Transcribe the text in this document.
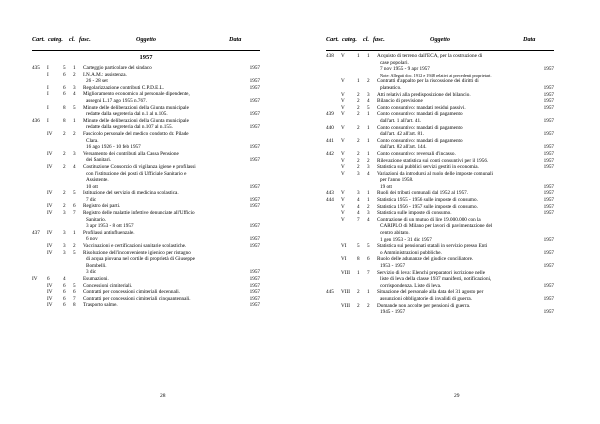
Cart. categ. cl. fasc.	Oggetto	Data
1957
435	I	5	1	Carteggio particolare del sindaco	1957
I	6	2	I.N.A.M.: assistenza.
26 - 28 set	1957
I	6	3	Regolarizzazione contributi C.P.D.E.L.	1957
I	6	4	Miglioramento economico al personale dipendente,
assegni L.17 ago 1955 n.767.	1957
I	8	5	Minute delle deliberazioni della Giunta municipale
redatte dalla segreteria dal n.1 al n.105.	1957
436	I	8	1	Minute delle deliberazioni della Giunta municipale
redatte dalla segreteria dal n.107 al n.155.	1957
IV	2	2	Fascicolo personale del medico condotto dr. Pilade
Clara.
16 ago 1926 - 10 feb 1957	1957
IV	2	3	Versamento dei contributi alla Cassa Pensione
dei Sanitari.	1957
IV	2	4	Costituzione Consorzio di vigilanza igiene e profilassi
con l'istituzione dei posti di Ufficiale Sanitario e
Assistente.
10 ott	1957
IV	2	5	Istituzione del servizio di medicina scolastica.
7 dic	1957
IV	2	6	Registro dei parti.	1957
IV	3	7	Registro delle malattie infettive denunciate all'Ufficio
Sanitario.
3 apr 1953 - 8 ott 1957	1957
437	IV	3	1	Profilassi antinfluenzale.
6 nov	1957
IV	3	2	Vaccinazioni e certificazioni sanitarie scolastiche.	1957
IV	3	5	Risoluzione dell'inconveniente igienico per ristagno
di acqua piovana nel cortile di proprietà di Giuseppe
Bombelli.
3 dic	1957
IV	6	4	Esumazioni.	1957
IV	6	5	Concessioni cimiteriali.	1957
IV	6	6	Contratti per concessioni cimiteriali decennali.	1957
IV	6	7	Contratti per concessioni cimiteriali cinquantennali.	1957
IV	6	8	Trasporto salme.	1957
Cart. categ. cl. fasc.	Oggetto	Data
438	V	1	1	Acquisto di terreno dall'ECA, per la costruzione di
case popolari.
7 nov 1955 - 9 apr 1957	1957
Note: Allegati doc. 1912 e 1948 relativi ai precedenti proprietari.
V	1	2	Contratti d'appalto per la riscossione dei diritti di
plateatico.	1957
V	2	3	Atti relativi alla predisposizione del bilancio.	1957
V	2	4	Bilancio di previsione	1957
V	2	5	Conto consuntivo: mandati residui passivi.	1957
439	V	2	1	Conto consuntivo: mandati di pagamento
dall'art. 1 all'art. 41.	1957
440	V	2	1	Conto consuntivo: mandati di pagamento
dall'art. 42 all'art. 81.	1957
441	V	2	1	Conto consuntivo: mandati di pagamento
dall'art. 82 all'art. 144.	1957
442	V	2	1	Conto consuntivo: reversali d'incasso.	1957
V	2	2	Rilevazione statistica sui conti consuntivi per il 1956.	1957
V	2	3	Statistica sui pubblici servizi gestiti in economia.	1957
V	3	4	Variazioni da introdursi al ruolo delle imposte comunali
per l'anno 1958.
19 ott	1957
443	V	3	1	Ruoli dei tributi comunali dal 1952 al 1957.	1957
444	V	4	1	Statistica 1955 - 1956 sulle imposte di consumo.	1957
V	4	2	Statistica 1956 - 1957 sulle imposte di consumo.	1957
V	4	3	Statistica sulle imposte di consumo.	1957
V	7	4	Contrazione di un mutuo di lire 19.000.000 con la
CARIPLO di Milano per lavori di pavimentazione del
centro abitato.
1 gen 1953 - 31 dic 1957	1957
VI	5	5	Statistica sui pensionati statali in servizio presso Enti
o Amministrazioni pubbliche.	1957
VI	8	6	Ruolo delle adunanze del giudice conciliatore.
1953 - 1957	1957
VIII	1	7	Servizio di leva: Elenchi preparatori iscrizione nelle
liste di leva della classe 1937 manifesti, notificazioni,
corrispondenza. Liste di leva.	1957
445	VIII	2	1	Situazione del personale alla data del 31 agosto per
assunzioni obbligatorie di invalidi di guerra.	1957
VIII	2	2	Domande non accolte per pensioni di guerra.
1945 - 1957	1957
28	29
